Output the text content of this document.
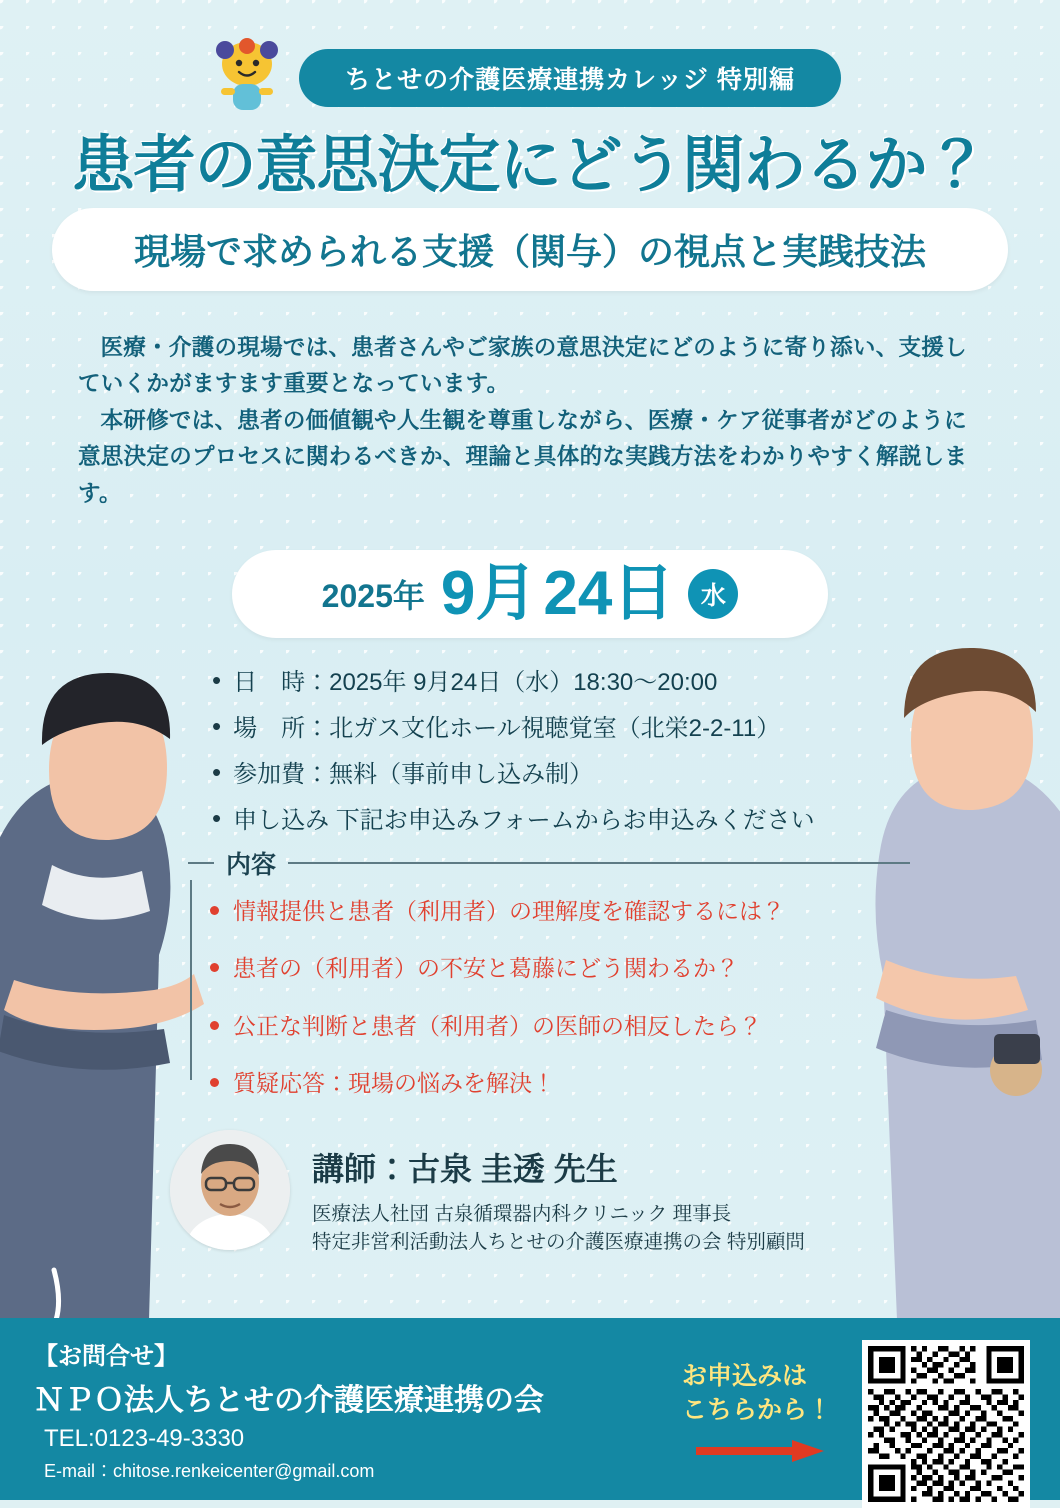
ちとせの介護医療連携カレッジ 特別編
患者の意思決定にどう関わるか？
現場で求められる支援（関与）の視点と実践技法

医療・介護の現場では、患者さんやご家族の意思決定にどのように寄り添い、支援していくかがますます重要となっています。

本研修では、患者の価値観や人生観を尊重しながら、医療・ケア従事者がどのように意思決定のプロセスに関わるべきか、理論と具体的な実践方法をわかりやすく解説します。

2025年 9月 24日	水
• 日　時：2025年 9月24日（水）18:30〜20:00
• 場　所：北ガス文化ホール視聴覚室（北栄2-2-11）
• 参加費：無料（事前申し込み制）
• 申し込み 下記お申込みフォームからお申込みください
内容
情報提供と患者（利用者）の理解度を確認するには？
患者の（利用者）の不安と葛藤にどう関わるか？
公正な判断と患者（利用者）の医師の相反したら？
質疑応答：現場の悩みを解決！
講師：古泉 圭透 先生
医療法人社団 古泉循環器内科クリニック 理事長
特定非営利活動法人ちとせの介護医療連携の会 特別顧問
【お問合せ】
ＮＰＯ法人ちとせの介護医療連携の会
TEL:0123-49-3330
E-mail：chitose.renkeicenter@gmail.com
お申込みは
こちらから！
